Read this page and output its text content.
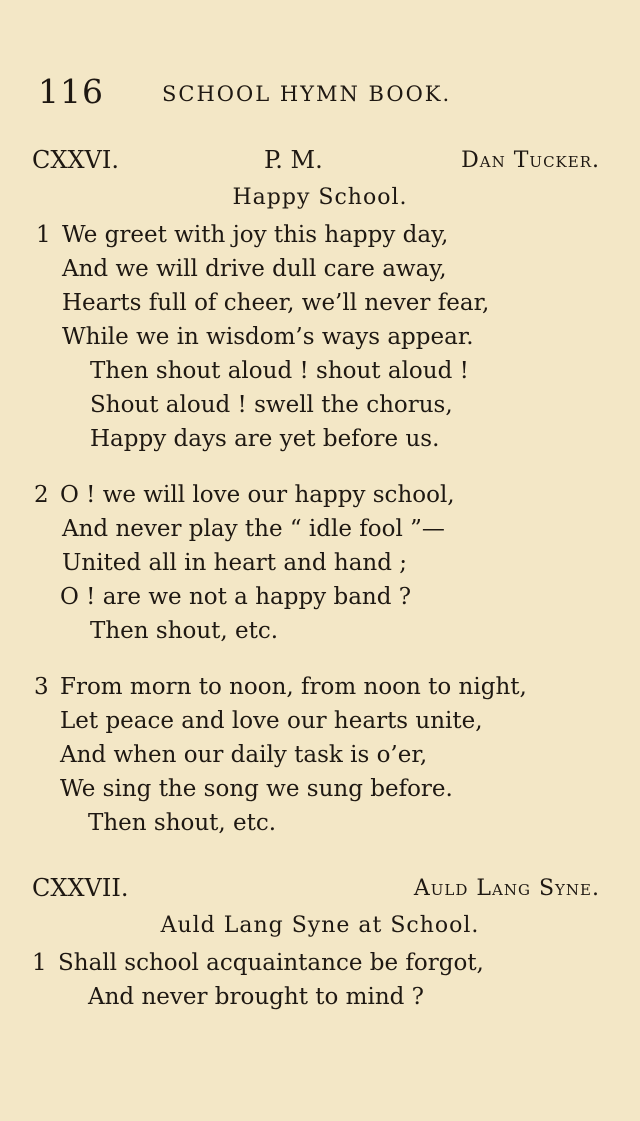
116	SCHOOL HYMN BOOK.
CXXVI.	P. M.	Dan Tucker.
Happy School.
1 We greet with joy this happy day,
And we will drive dull care away,
Hearts full of cheer, we’ll never fear,
While we in wisdom’s ways appear.
Then shout aloud ! shout aloud !
Shout aloud ! swell the chorus,
Happy days are yet before us.
2 O ! we will love our happy school,
And never play the “ idle fool ”—
United all in heart and hand ;
O ! are we not a happy band ?
Then shout, etc.
3 From morn to noon, from noon to night,
Let peace and love our hearts unite,
And when our daily task is o’er,
We sing the song we sung before.
Then shout, etc.
CXXVII.	Auld Lang Syne.
Auld Lang Syne at School.
1 Shall school acquaintance be forgot,
And never brought to mind ?
